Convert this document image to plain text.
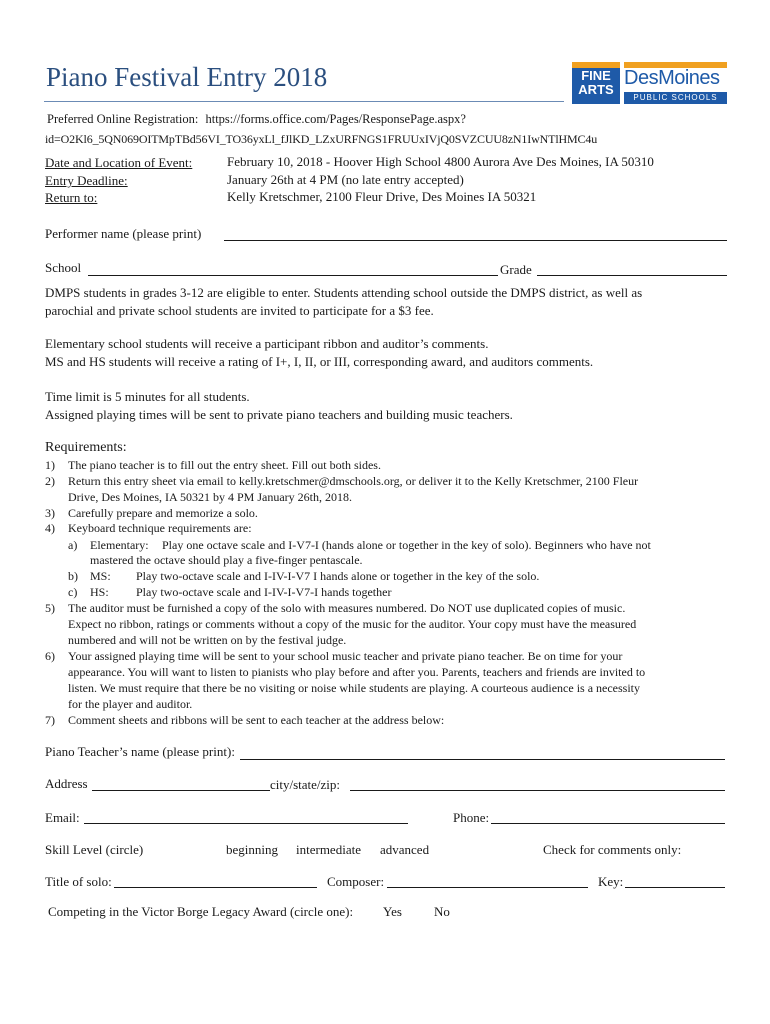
Piano Festival Entry 2018	FINE
ARTS
DesMoines
PUBLIC SCHOOLS
Preferred Online Registration: https://forms.office.com/Pages/ResponsePage.aspx?
id=O2Kl6_5QN069OITMpTBd56VI_TO36yxLl_fJlKD_LZxURFNGS1FRUUxIVjQ0SVZCUU8zN1IwNTlHMC4u
Date and Location of Event:	February 10, 2018 - Hoover High School 4800 Aurora Ave Des Moines, IA 50310
Entry Deadline:	January 26th at 4 PM (no late entry accepted)
Return to:	Kelly Kretschmer, 2100 Fleur Drive, Des Moines IA 50321
Performer name (please print)
School	Grade
DMPS students in grades 3-12 are eligible to enter. Students attending school outside the DMPS district, as well as
parochial and private school students are invited to participate for a $3 fee.
Elementary school students will receive a participant ribbon and auditor’s comments.
MS and HS students will receive a rating of I+, I, II, or III, corresponding award, and auditors comments.
Time limit is 5 minutes for all students.
Assigned playing times will be sent to private piano teachers and building music teachers.
Requirements:
1) The piano teacher is to fill out the entry sheet. Fill out both sides.
2) Return this entry sheet via email to kelly.kretschmer@dmschools.org, or deliver it to the Kelly Kretschmer, 2100 Fleur
Drive, Des Moines, IA 50321 by 4 PM January 26th, 2018.
3) Carefully prepare and memorize a solo.
4) Keyboard technique requirements are:
a) Elementary: Play one octave scale and I-V7-I (hands alone or together in the key of solo). Beginners who have not
mastered the octave should play a five-finger pentascale.
b) MS: Play two-octave scale and I-IV-I-V7 I hands alone or together in the key of the solo.
c) HS: Play two-octave scale and I-IV-I-V7-I hands together
5) The auditor must be furnished a copy of the solo with measures numbered. Do NOT use duplicated copies of music.
Expect no ribbon, ratings or comments without a copy of the music for the auditor. Your copy must have the measured
numbered and will not be written on by the festival judge.
6) Your assigned playing time will be sent to your school music teacher and private piano teacher. Be on time for your
appearance. You will want to listen to pianists who play before and after you. Parents, teachers and friends are invited to
listen. We must require that there be no visiting or noise while students are playing. A courteous audience is a necessity
for the player and auditor.
7) Comment sheets and ribbons will be sent to each teacher at the address below:
Piano Teacher’s name (please print):
Address	city/state/zip:
Email:	Phone:
Skill Level (circle)	beginning intermediate advanced	Check for comments only:
Title of solo:	Composer:	Key:
Competing in the Victor Borge Legacy Award (circle one): Yes No
